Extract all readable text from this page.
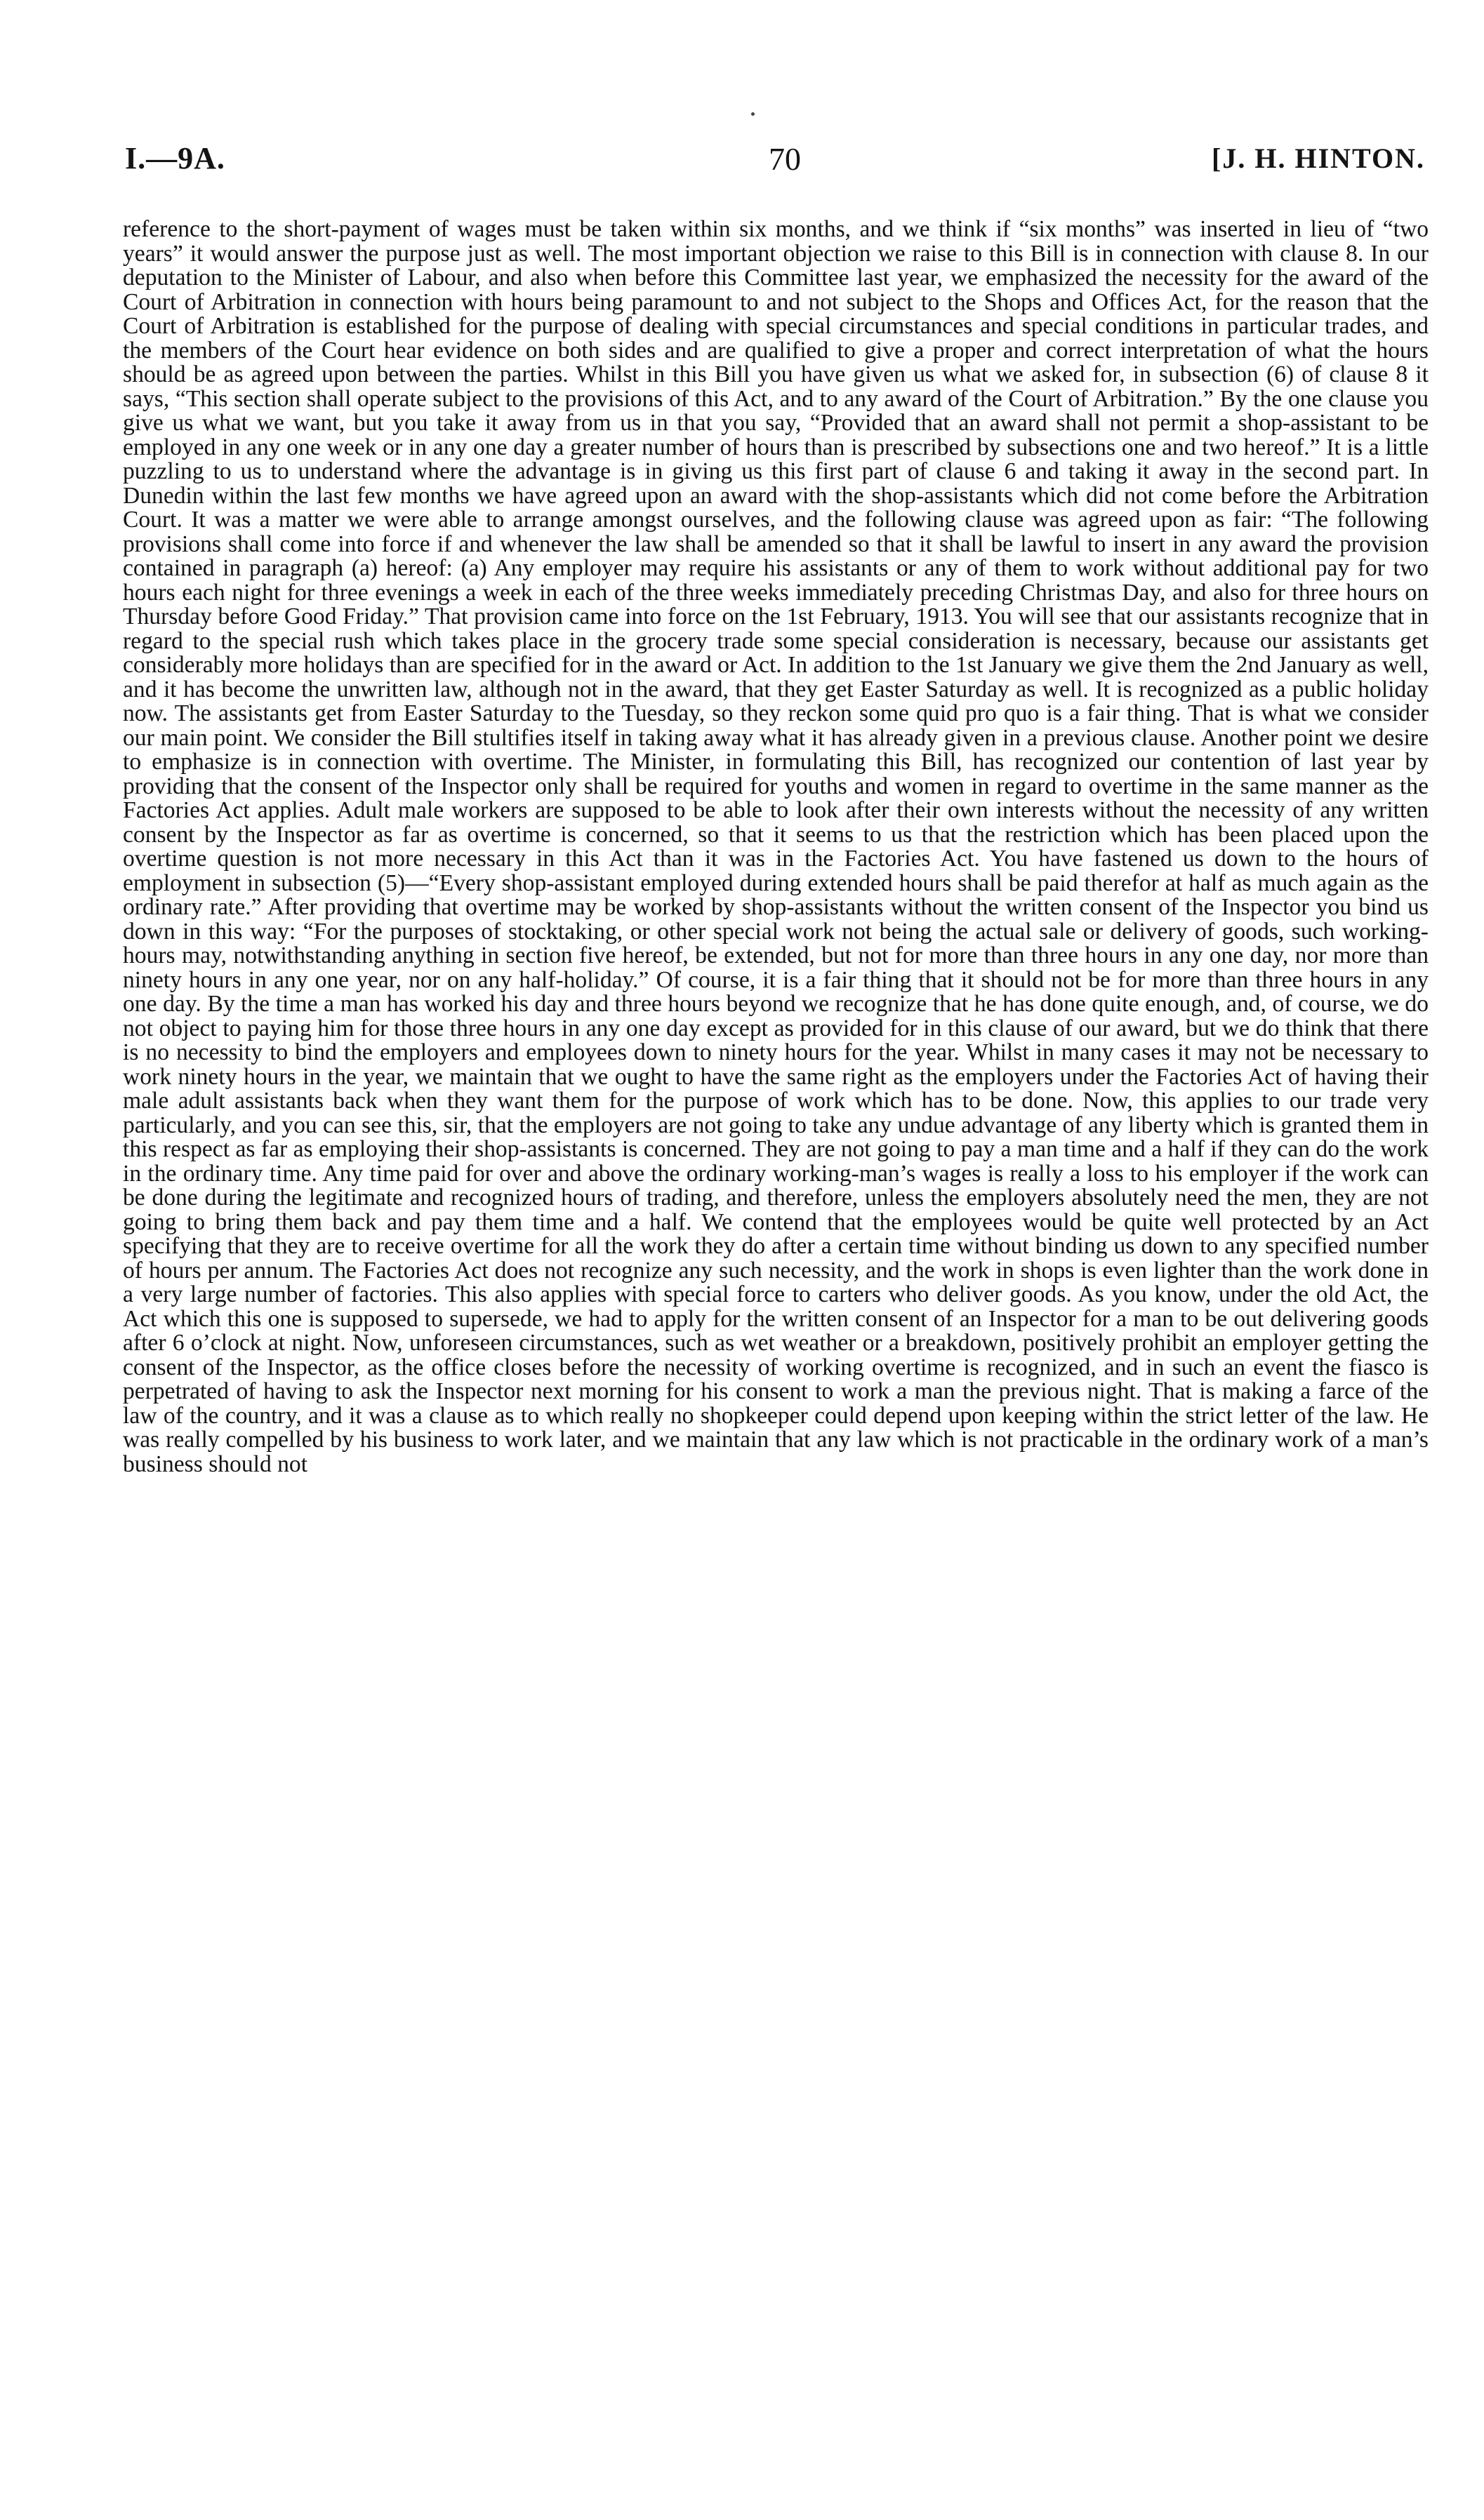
I.—9A.	70	[J. H. HINTON.
reference to the short-payment of wages must be taken within six months, and we think if “six months” was inserted in lieu of “two years” it would answer the purpose just as well. The most important objection we raise to this Bill is in connection with clause 8. In our deputation to the Minister of Labour, and also when before this Committee last year, we emphasized the necessity for the award of the Court of Arbitration in connection with hours being paramount to and not subject to the Shops and Offices Act, for the reason that the Court of Arbitration is established for the purpose of dealing with special circumstances and special conditions in particular trades, and the members of the Court hear evidence on both sides and are qualified to give a proper and correct interpretation of what the hours should be as agreed upon between the parties. Whilst in this Bill you have given us what we asked for, in subsection (6) of clause 8 it says, “This section shall operate subject to the provisions of this Act, and to any award of the Court of Arbitration.” By the one clause you give us what we want, but you take it away from us in that you say, “Provided that an award shall not permit a shop-assistant to be employed in any one week or in any one day a greater number of hours than is prescribed by subsections one and two hereof.” It is a little puzzling to us to understand where the advantage is in giving us this first part of clause 6 and taking it away in the second part. In Dunedin within the last few months we have agreed upon an award with the shop-assistants which did not come before the Arbitration Court. It was a matter we were able to arrange amongst ourselves, and the following clause was agreed upon as fair: “The following provisions shall come into force if and whenever the law shall be amended so that it shall be lawful to insert in any award the provision contained in paragraph (a) hereof: (a) Any employer may require his assistants or any of them to work without additional pay for two hours each night for three evenings a week in each of the three weeks immediately preceding Christmas Day, and also for three hours on Thursday before Good Friday.” That provision came into force on the 1st February, 1913. You will see that our assistants recognize that in regard to the special rush which takes place in the grocery trade some special consideration is necessary, because our assistants get considerably more holidays than are specified for in the award or Act. In addition to the 1st January we give them the 2nd January as well, and it has become the unwritten law, although not in the award, that they get Easter Saturday as well. It is recognized as a public holiday now. The assistants get from Easter Saturday to the Tuesday, so they reckon some quid pro quo is a fair thing. That is what we consider our main point. We consider the Bill stultifies itself in taking away what it has already given in a previous clause. Another point we desire to emphasize is in connection with overtime. The Minister, in formulating this Bill, has recognized our contention of last year by providing that the consent of the Inspector only shall be required for youths and women in regard to overtime in the same manner as the Factories Act applies. Adult male workers are supposed to be able to look after their own interests without the necessity of any written consent by the Inspector as far as overtime is concerned, so that it seems to us that the restriction which has been placed upon the overtime question is not more necessary in this Act than it was in the Factories Act. You have fastened us down to the hours of employment in subsection (5)—“Every shop-assistant employed during extended hours shall be paid therefor at half as much again as the ordinary rate.” After providing that overtime may be worked by shop-assistants without the written consent of the Inspector you bind us down in this way: “For the purposes of stocktaking, or other special work not being the actual sale or delivery of goods, such working-hours may, notwithstanding anything in section five hereof, be extended, but not for more than three hours in any one day, nor more than ninety hours in any one year, nor on any half-holiday.” Of course, it is a fair thing that it should not be for more than three hours in any one day. By the time a man has worked his day and three hours beyond we recognize that he has done quite enough, and, of course, we do not object to paying him for those three hours in any one day except as provided for in this clause of our award, but we do think that there is no necessity to bind the employers and employees down to ninety hours for the year. Whilst in many cases it may not be necessary to work ninety hours in the year, we maintain that we ought to have the same right as the employers under the Factories Act of having their male adult assistants back when they want them for the purpose of work which has to be done. Now, this applies to our trade very particularly, and you can see this, sir, that the employers are not going to take any undue advantage of any liberty which is granted them in this respect as far as employing their shop-assistants is concerned. They are not going to pay a man time and a half if they can do the work in the ordinary time. Any time paid for over and above the ordinary working-man’s wages is really a loss to his employer if the work can be done during the legitimate and recognized hours of trading, and therefore, unless the employers absolutely need the men, they are not going to bring them back and pay them time and a half. We contend that the employees would be quite well protected by an Act specifying that they are to receive overtime for all the work they do after a certain time without binding us down to any specified number of hours per annum. The Factories Act does not recognize any such necessity, and the work in shops is even lighter than the work done in a very large number of factories. This also applies with special force to carters who deliver goods. As you know, under the old Act, the Act which this one is supposed to supersede, we had to apply for the written consent of an Inspector for a man to be out delivering goods after 6 o’clock at night. Now, unforeseen circumstances, such as wet weather or a breakdown, positively prohibit an employer getting the consent of the Inspector, as the office closes before the necessity of working overtime is recognized, and in such an event the fiasco is perpetrated of having to ask the Inspector next morning for his consent to work a man the previous night. That is making a farce of the law of the country, and it was a clause as to which really no shopkeeper could depend upon keeping within the strict letter of the law. He was really compelled by his business to work later, and we maintain that any law which is not practicable in the ordinary work of a man’s business should not
